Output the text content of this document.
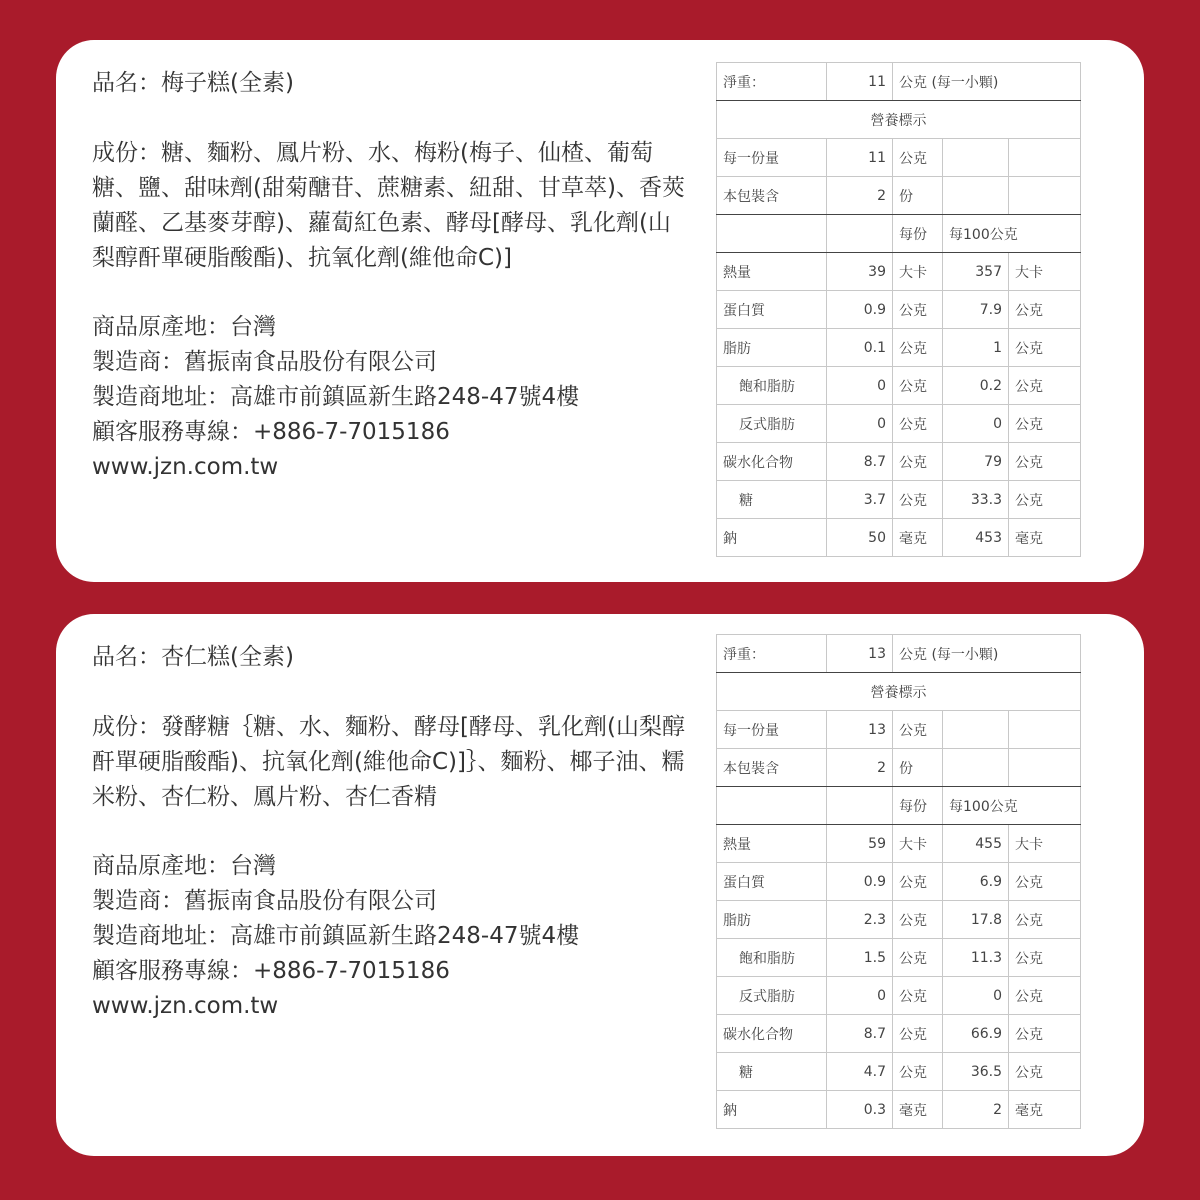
品名：梅子糕(全素)

成份：糖、麵粉、鳳片粉、水、梅粉(梅子、仙楂、葡萄糖、鹽、甜味劑(甜菊醣苷、蔗糖素、紐甜、甘草萃)、香莢蘭醛、乙基麥芽醇)、蘿蔔紅色素、酵母[酵母、乳化劑(山梨醇酐單硬脂酸酯)、抗氧化劑(維他命C)]

商品原產地：台灣

製造商：舊振南食品股份有限公司

製造商地址：高雄市前鎮區新生路248-47號4樓

顧客服務專線：+886-7-7015186

www.jzn.com.tw

淨重：	11	公克 (每一小顆)		
營養標示				
每一份量	11	公克		
本包裝含	2	份		
		每份	每100公克	
熱量	39	大卡	357	大卡
蛋白質	0.9	公克	7.9	公克
脂肪	0.1	公克	1	公克
飽和脂肪	0	公克	0.2	公克
反式脂肪	0	公克	0	公克
碳水化合物	8.7	公克	79	公克
糖	3.7	公克	33.3	公克
鈉	50	毫克	453	毫克

品名：杏仁糕(全素)

成份：發酵糖｛糖、水、麵粉、酵母[酵母、乳化劑(山梨醇酐單硬脂酸酯)、抗氧化劑(維他命C)]｝、麵粉、椰子油、糯米粉、杏仁粉、鳳片粉、杏仁香精

商品原產地：台灣

製造商：舊振南食品股份有限公司

製造商地址：高雄市前鎮區新生路248-47號4樓

顧客服務專線：+886-7-7015186

www.jzn.com.tw

淨重：	13	公克 (每一小顆)		
營養標示				
每一份量	13	公克		
本包裝含	2	份		
		每份	每100公克	
熱量	59	大卡	455	大卡
蛋白質	0.9	公克	6.9	公克
脂肪	2.3	公克	17.8	公克
飽和脂肪	1.5	公克	11.3	公克
反式脂肪	0	公克	0	公克
碳水化合物	8.7	公克	66.9	公克
糖	4.7	公克	36.5	公克
鈉	0.3	毫克	2	毫克
